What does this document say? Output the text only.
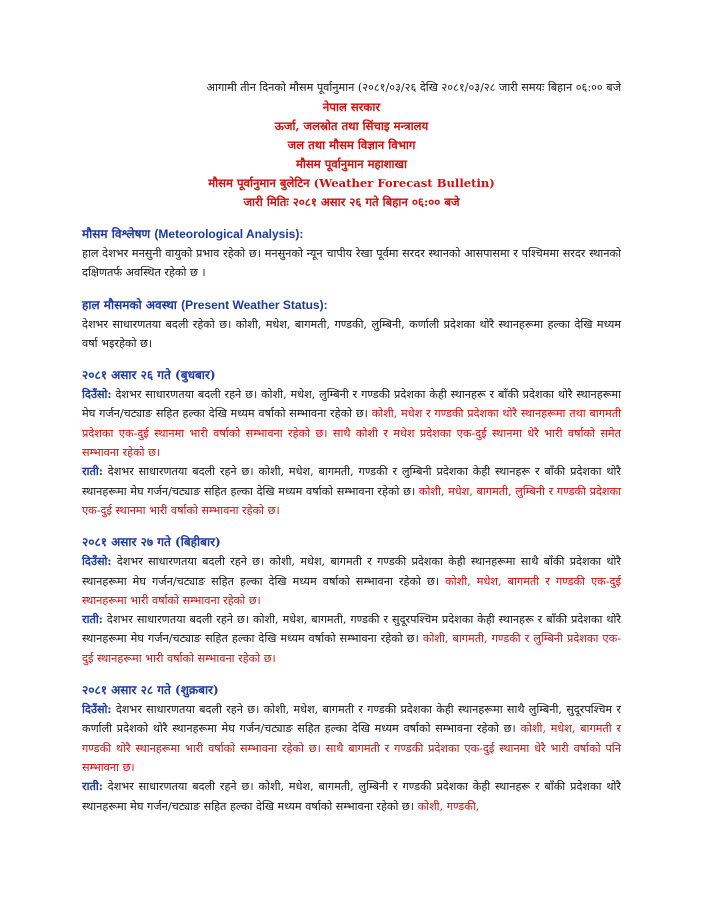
आगामी तीन दिनको मौसम पूर्वानुमान (२०८१/०३/२६ देखि २०८१/०३/२८ जारी समयः बिहान ०६:०० बजे
नेपाल सरकार
ऊर्जा, जलस्रोत तथा सिंचाइ मन्त्रालय
जल तथा मौसम विज्ञान विभाग
मौसम पूर्वानुमान महाशाखा
मौसम पूर्वानुमान बुलेटिन (Weather Forecast Bulletin)
जारी मितिः २०८१ असार २६ गते बिहान ०६:०० बजे
मौसम विश्लेषण (Meteorological Analysis):

हाल देशभर मनसुनी वायुको प्रभाव रहेको छ। मनसुनको न्यून चापीय रेखा पूर्वमा सरदर स्थानको आसपासमा र पश्चिममा सरदर स्थानको दक्षिणतर्फ अवस्थित रहेको छ ।

हाल मौसमको अवस्था (Present Weather Status):

देशभर साधारणतया बदली रहेको छ। कोशी, मधेश, बागमती, गण्डकी, लुम्बिनी, कर्णाली प्रदेशका थोरै स्थानहरूमा हल्का देखि मध्यम वर्षा भइरहेको छ।

२०८१ असार २६ गते (बुधबार)

दिउँसो: देशभर साधारणतया बदली रहने छ। कोशी, मधेश, लुम्बिनी र गण्डकी प्रदेशका केही स्थानहरू र बाँकी प्रदेशका थोरै स्थानहरूमा मेघ गर्जन/चट्याङ सहित हल्का देखि मध्यम वर्षाको सम्भावना रहेको छ। कोशी, मधेश र गण्डकी प्रदेशका थोरै स्थानहरूमा तथा बागमती प्रदेशका एक-दुई स्थानमा भारी वर्षाको सम्भावना रहेको छ। साथै कोशी र मधेश प्रदेशका एक-दुई स्थानमा धेरै भारी वर्षाको समेत सम्भावना रहेको छ।

राती: देशभर साधारणतया बदली रहने छ। कोशी, मधेश, बागमती, गण्डकी र लुम्बिनी प्रदेशका केही स्थानहरू र बाँकी प्रदेशका थोरै स्थानहरूमा मेघ गर्जन/चट्याङ सहित हल्का देखि मध्यम वर्षाको सम्भावना रहेको छ। कोशी, मधेश, बागमती, लुम्बिनी र गण्डकी प्रदेशका एक-दुई स्थानमा भारी वर्षाको सम्भावना रहेको छ।

२०८१ असार २७ गते (बिहीबार)

दिउँसो: देशभर साधारणतया बदली रहने छ। कोशी, मधेश, बागमती र गण्डकी प्रदेशका केही स्थानहरूमा साथै बाँकी प्रदेशका थोरै स्थानहरूमा मेघ गर्जन/चट्याङ सहित हल्का देखि मध्यम वर्षाको सम्भावना रहेको छ। कोशी, मधेश, बागमती र गण्डकी एक-दुई स्थानहरूमा भारी वर्षाको सम्भावना रहेको छ।

राती: देशभर साधारणतया बदली रहने छ। कोशी, मधेश, बागमती, गण्डकी र सुदूरपश्चिम प्रदेशका केही स्थानहरू र बाँकी प्रदेशका थोरै स्थानहरूमा मेघ गर्जन/चट्याङ सहित हल्का देखि मध्यम वर्षाको सम्भावना रहेको छ। कोशी, बागमती, गण्डकी र लुम्बिनी प्रदेशका एक-दुई स्थानहरूमा भारी वर्षाको सम्भावना रहेको छ।

२०८१ असार २८ गते (शुक्रबार)

दिउँसो: देशभर साधारणतया बदली रहने छ। कोशी, मधेश, बागमती र गण्डकी प्रदेशका केही स्थानहरूमा साथै लुम्बिनी, सुदूरपश्चिम र कर्णाली प्रदेशको थोरै स्थानहरूमा मेघ गर्जन/चट्याङ सहित हल्का देखि मध्यम वर्षाको सम्भावना रहेको छ। कोशी, मधेश, बागमती र गण्डकी थोरै स्थानहरूमा भारी वर्षाको सम्भावना रहेको छ। साथै बागमती र गण्डकी प्रदेशका एक-दुई स्थानमा धेरै भारी वर्षाको पनि सम्भावना छ।

राती: देशभर साधारणतया बदली रहने छ। कोशी, मधेश, बागमती, लुम्बिनी र गण्डकी प्रदेशका केही स्थानहरू र बाँकी प्रदेशका थोरै स्थानहरूमा मेघ गर्जन/चट्याङ सहित हल्का देखि मध्यम वर्षाको सम्भावना रहेको छ। कोशी, गण्डकी,
